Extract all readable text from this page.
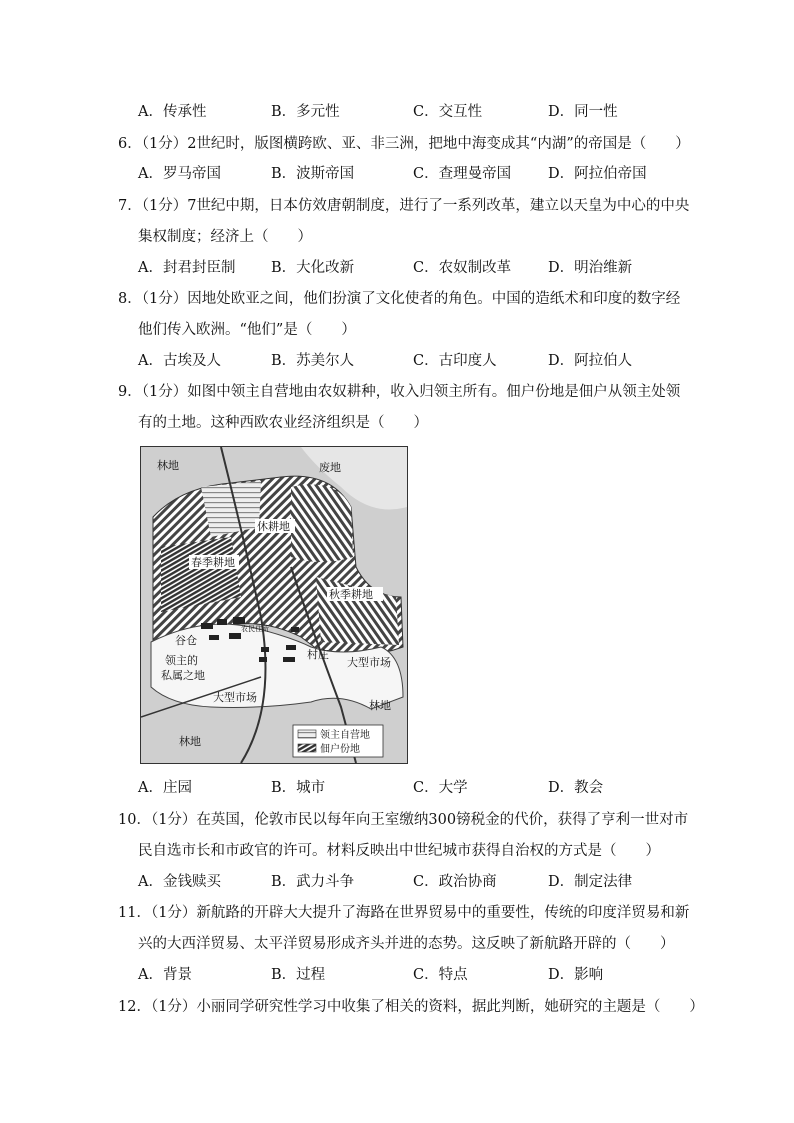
A．传承性	B．多元性	C．交互性	D．同一性
6．（1分）2世纪时，版图横跨欧、亚、非三洲，把地中海变成其“内湖”的帝国是（　　）
A．罗马帝国	B．波斯帝国	C．查理曼帝国	D．阿拉伯帝国
7．（1分）7世纪中期，日本仿效唐朝制度，进行了一系列改革，建立以天皇为中心的中央
集权制度；经济上（　　）
A．封君封臣制 B．大化改新	C．农奴制改革	D．明治维新
8．（1分）因地处欧亚之间，他们扮演了文化使者的角色。中国的造纸术和印度的数字经
他们传入欧洲。“他们”是（　　）
A．古埃及人	B．苏美尔人	C．古印度人	D．阿拉伯人
9．（1分）如图中领主自营地由农奴耕种，收入归领主所有。佃户份地是佃户从领主处领
有的土地。这种西欧农业经济组织是（　　）
林地	废地
休耕地
春季耕地
秋季耕地
谷仓
领主的
私属之地
村庄
大型市场
大型市场
林地
林地
农民住所
领主自营地
佃户份地
A．庄园	B．城市	C．大学	D．教会
10．（1分）在英国，伦敦市民以每年向王室缴纳300镑税金的代价，获得了亨利一世对市
民自选市长和市政官的许可。材料反映出中世纪城市获得自治权的方式是（　　）
A．金钱赎买	B．武力斗争	C．政治协商	D．制定法律
11．（1分）新航路的开辟大大提升了海路在世界贸易中的重要性，传统的印度洋贸易和新
兴的大西洋贸易、太平洋贸易形成齐头并进的态势。这反映了新航路开辟的（　　）
A．背景	B．过程	C．特点	D．影响
12．（1分）小丽同学研究性学习中收集了相关的资料，据此判断，她研究的主题是（　　）
